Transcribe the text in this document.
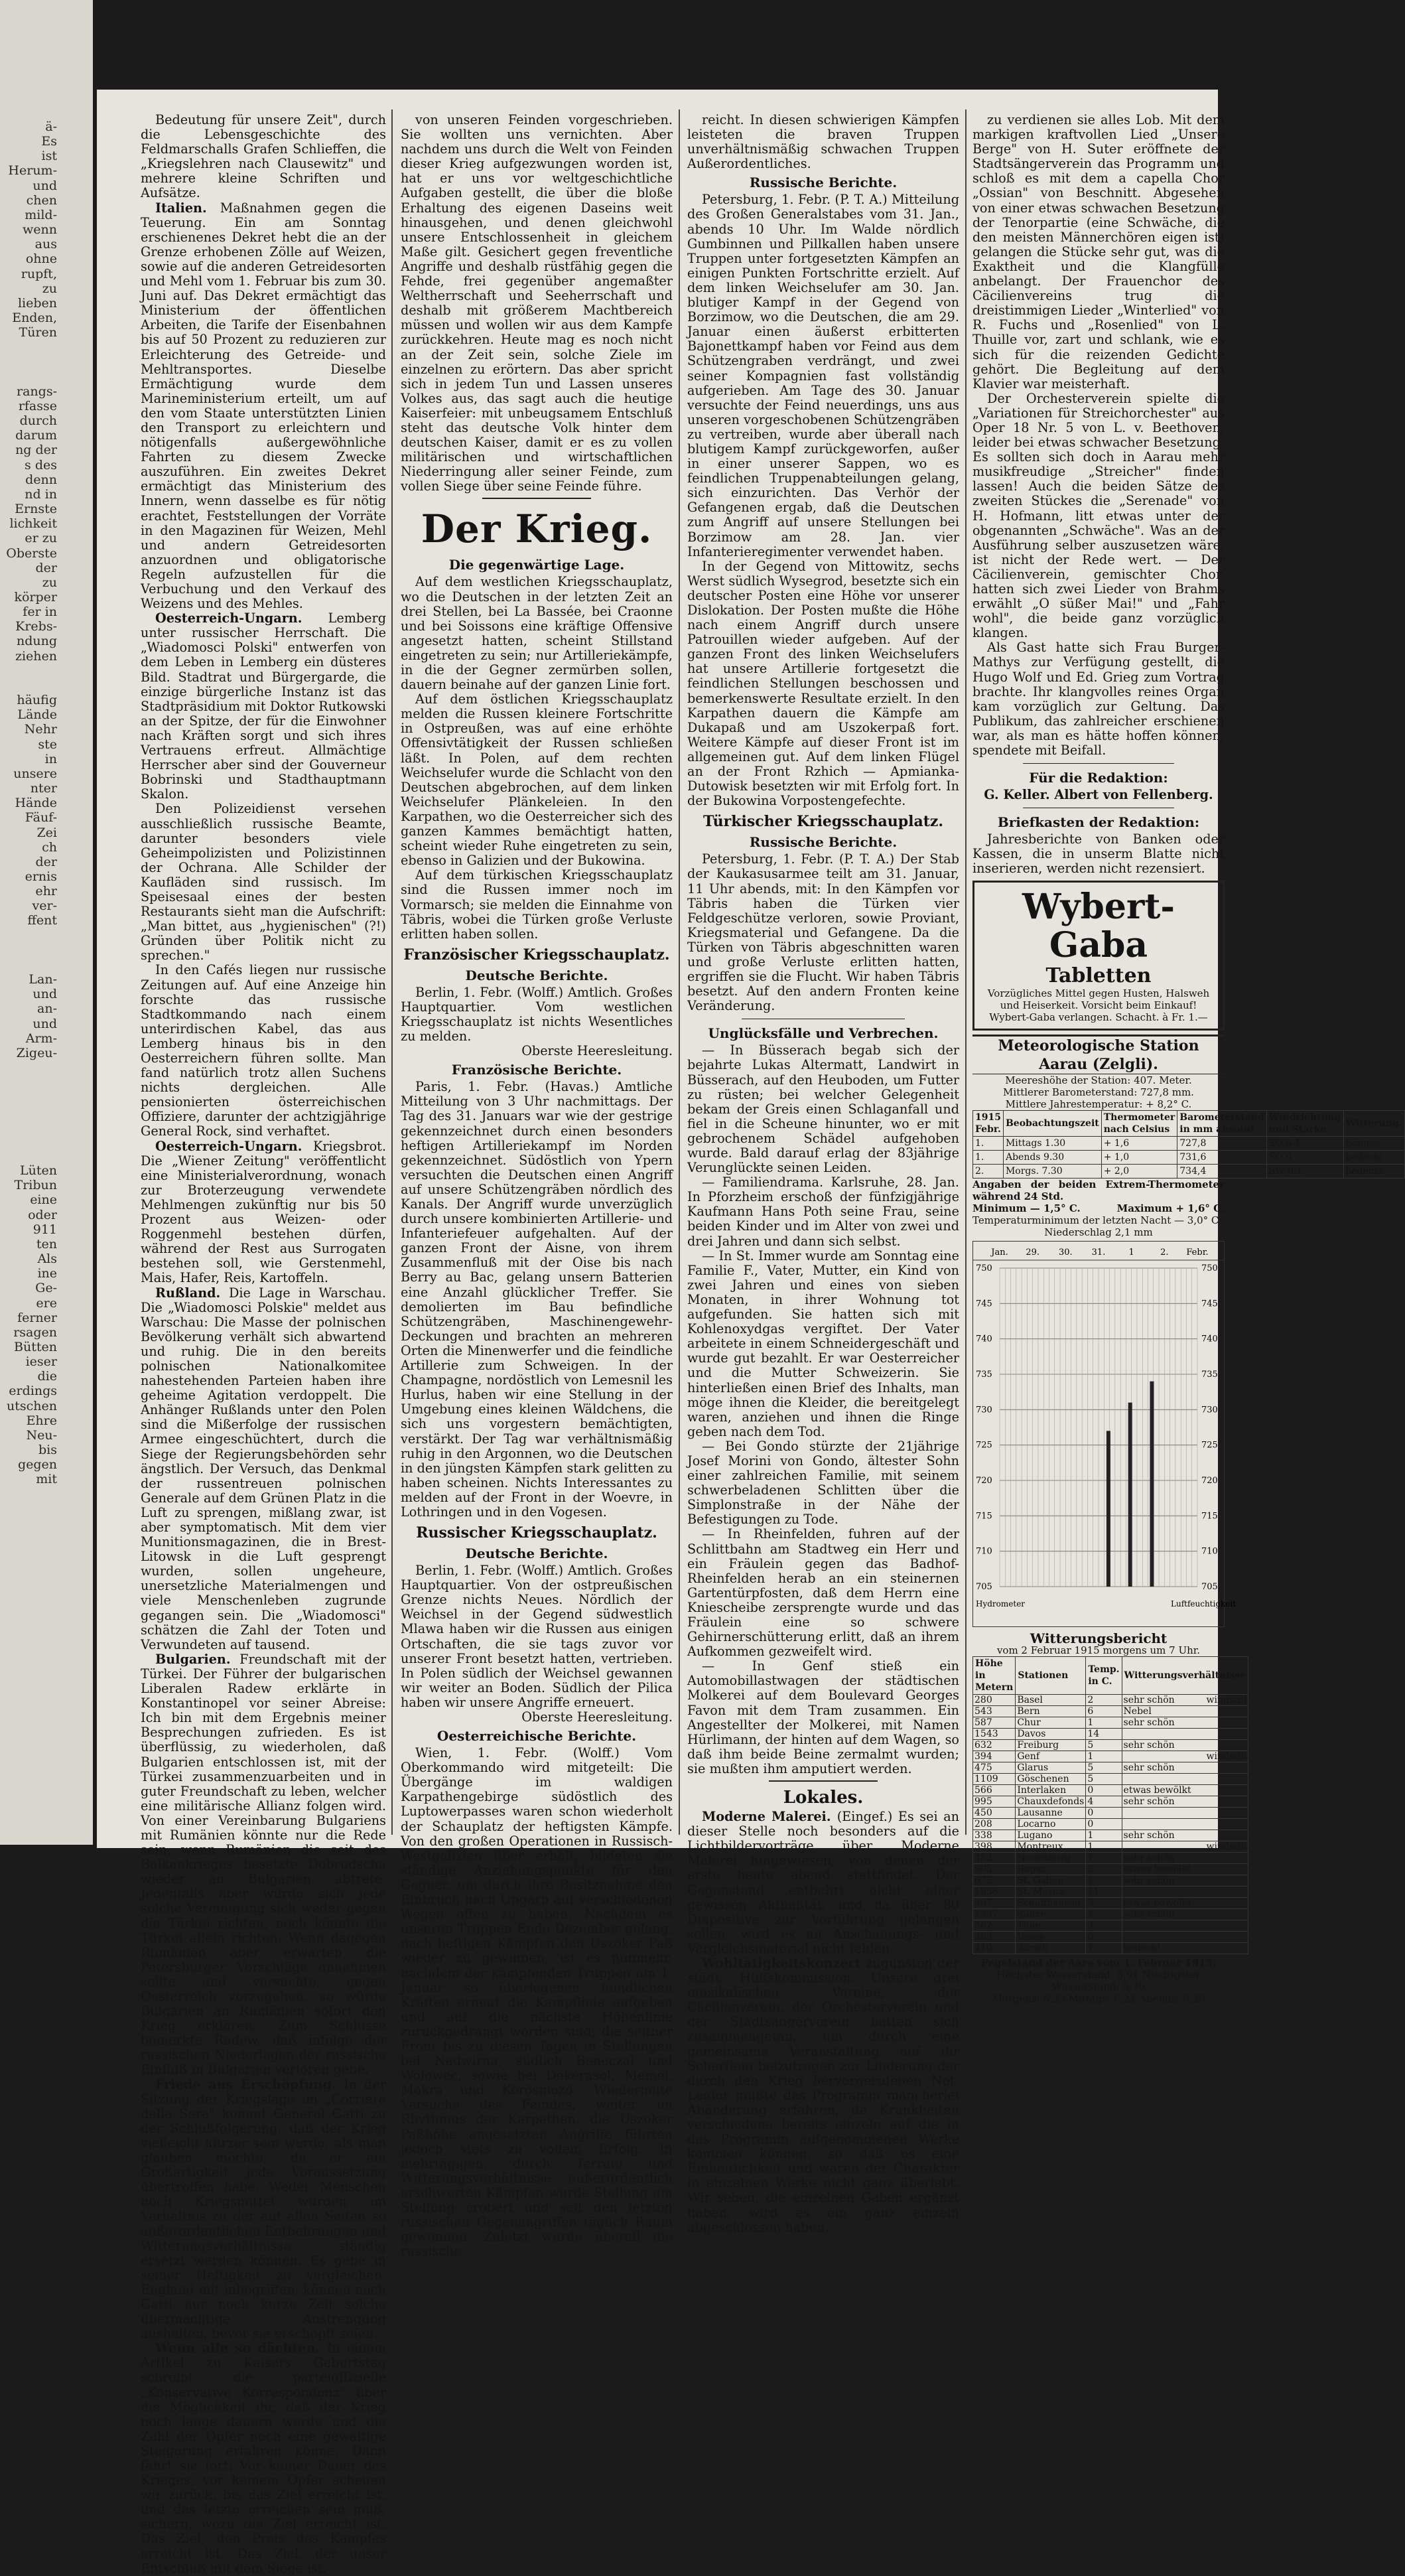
ä-
Es
ist
Herum-
und
chen
mild-
wenn
aus
ohne
rupft,
zu
lieben
Enden,
Türen

rangs-
rfasse
durch
darum
ng der
s des
denn
nd in
Ernste
lichkeit
er zu
Oberste
der
zu
körper
fer in
Krebs-
ndung
ziehen

häufig
Lände
Nehr
ste
in
unsere
nter
Hände
Fäuf-
Zei
ch
der
ernis
ehr
ver-
ffent

Lan-
und
an-
und
Arm-
Zigeu-

Lüten
Tribun
eine
oder
911
ten
Als
ine
Ge-
ere
ferner
rsagen
Bütten
ieser
die
erdings
utschen
Ehre
Neu-
bis
gegen
mit

Bedeutung für unsere Zeit", durch die Lebensgeschichte des Feldmarschalls Grafen Schlieffen, die „Kriegslehren nach Clausewitz" und mehrere kleine Schriften und Aufsätze.

Italien. Maßnahmen gegen die Teuerung. Ein am Sonntag erschienenes Dekret hebt die an der Grenze erhobenen Zölle auf Weizen, sowie auf die anderen Getreidesorten und Mehl vom 1. Februar bis zum 30. Juni auf. Das Dekret ermächtigt das Ministerium der öffentlichen Arbeiten, die Tarife der Eisenbahnen bis auf 50 Prozent zu reduzieren zur Erleichterung des Getreide- und Mehltransportes. Dieselbe Ermächtigung wurde dem Marineministerium erteilt, um auf den vom Staate unterstützten Linien den Transport zu erleichtern und nötigenfalls außergewöhnliche Fahrten zu diesem Zwecke auszuführen. Ein zweites Dekret ermächtigt das Ministerium des Innern, wenn dasselbe es für nötig erachtet, Feststellungen der Vorräte in den Magazinen für Weizen, Mehl und andern Getreidesorten anzuordnen und obligatorische Regeln aufzustellen für die Verbuchung und den Verkauf des Weizens und des Mehles.

Oesterreich-Ungarn. Lemberg unter russischer Herrschaft. Die „Wiadomosci Polski" entwerfen von dem Leben in Lemberg ein düsteres Bild. Stadtrat und Bürgergarde, die einzige bürgerliche Instanz ist das Stadtpräsidium mit Doktor Rutkowski an der Spitze, der für die Einwohner nach Kräften sorgt und sich ihres Vertrauens erfreut. Allmächtige Herrscher aber sind der Gouverneur Bobrinski und Stadthauptmann Skalon.

Den Polizeidienst versehen ausschließlich russische Beamte, darunter besonders viele Geheimpolizisten und Polizistinnen der Ochrana. Alle Schilder der Kaufläden sind russisch. Im Speisesaal eines der besten Restaurants sieht man die Aufschrift: „Man bittet, aus „hygienischen" (?!) Gründen über Politik nicht zu sprechen."

In den Cafés liegen nur russische Zeitungen auf. Auf eine Anzeige hin forschte das russische Stadtkommando nach einem unterirdischen Kabel, das aus Lemberg hinaus bis in den Oesterreichern führen sollte. Man fand natürlich trotz allen Suchens nichts dergleichen. Alle pensionierten österreichischen Offiziere, darunter der achtzigjährige General Rock, sind verhaftet.

Oesterreich-Ungarn. Kriegsbrot. Die „Wiener Zeitung" veröffentlicht eine Ministerialverordnung, wonach zur Broterzeugung verwendete Mehlmengen zukünftig nur bis 50 Prozent aus Weizen- oder Roggenmehl bestehen dürfen, während der Rest aus Surrogaten bestehen soll, wie Gerstenmehl, Mais, Hafer, Reis, Kartoffeln.

Rußland. Die Lage in Warschau. Die „Wiadomosci Polskie" meldet aus Warschau: Die Masse der polnischen Bevölkerung verhält sich abwartend und ruhig. Die in den bereits polnischen Nationalkomitee nahestehenden Parteien haben ihre geheime Agitation verdoppelt. Die Anhänger Rußlands unter den Polen sind die Mißerfolge der russischen Armee eingeschüchtert, durch die Siege der Regierungsbehörden sehr ängstlich. Der Versuch, das Denkmal der russentreuen polnischen Generale auf dem Grünen Platz in die Luft zu sprengen, mißlang zwar, ist aber symptomatisch. Mit dem vier Munitionsmagazinen, die in Brest-Litowsk in die Luft gesprengt wurden, sollen ungeheure, unersetzliche Materialmengen und viele Menschenleben zugrunde gegangen sein. Die „Wiadomosci" schätzen die Zahl der Toten und Verwundeten auf tausend.

Bulgarien. Freundschaft mit der Türkei. Der Führer der bulgarischen Liberalen Radew erklärte in Konstantinopel vor seiner Abreise: Ich bin mit dem Ergebnis meiner Besprechungen zufrieden. Es ist überflüssig, zu wiederholen, daß Bulgarien entschlossen ist, mit der Türkei zusammenzuarbeiten und in guter Freundschaft zu leben, welcher eine militärische Allianz folgen wird. Von einer Vereinbarung Bulgariens mit Rumänien könnte nur die Rede sein, wenn Rumänien die seit des Balkankrieges besetzte Dobrudscha wieder an Bulgarien abtrete. Jedenfalls aber würde sich jede solche Vereinigung sich weder gegen die Türkei richten, noch könnte die Türkei allein richten. Wenn dagegen Rumänien aber erwarten die Petersburger Vorschläge annehmen sollte und versuchte, gegen Oesterreich vorzugehen, so würde Bulgarien an Rumänien sofort den Krieg erklären. Zum Schlusse bemerkte Radew, daß infolge der russischen Niederlagen der russische Einfluß in Bulgarien verloren gehe.

Friede aus Erschöpfung. In der Sitzung der Kriegslage im „Corriere della Sera" kommt General Gatti zu der Schlußfolgerung, daß der Krieg vielleicht kürzer sein werde, als man glauben möchte, da er ein Großartigkeit jede Voraussetzung übertroffen habe. Weder Menschen noch Kriegsmittel würden im Verhältnis zu der auf allen Seiten so außerordentlichen Entbehrungen und Witterungsverhältnisse ständig ersetzt werden können. Es gebe in seiner Heftigkeit zu vergleichen. England mit inbegriffen, können nach Gatti nur noch kurze Zeit solche übermächtige Anstrengung aushalten, bevor sie erschöpft seien.

Wenn alle so dächten. In einem Artikel zu Kaisers Geburtstag schreibt die parteioffizielle „Konservative Korrespondenz" über die Möglichkeit ihr, daß der Krieg noch lange dauern werde und die Zahl der Opfer noch eine gewaltige Steigerung erfahren könne. Dann fährt sie fort: Vor keiner Dauer des Krieges, vor keinem Opfer scheuen wir zurück, bis das Ziel erreicht ist, und das letzte erreichen sein muß, sichern, wozu die Ziel erreicht ist. Das Ziel, den Preis des Kampfes erreicht ist. Das Ziel, der unser Entschluß mit dem Siege ist.

von unseren Feinden vorgeschrieben. Sie wollten uns vernichten. Aber nachdem uns durch die Welt von Feinden dieser Krieg aufgezwungen worden ist, hat er uns vor weltgeschichtliche Aufgaben gestellt, die über die bloße Erhaltung des eigenen Daseins weit hinausgehen, und denen gleichwohl unsere Entschlossenheit in gleichem Maße gilt. Gesichert gegen freventliche Angriffe und deshalb rüstfähig gegen die Fehde, frei gegenüber angemaßter Weltherrschaft und Seeherrschaft und deshalb mit größerem Machtbereich müssen und wollen wir aus dem Kampfe zurückkehren. Heute mag es noch nicht an der Zeit sein, solche Ziele im einzelnen zu erörtern. Das aber spricht sich in jedem Tun und Lassen unseres Volkes aus, das sagt auch die heutige Kaiserfeier: mit unbeugsamem Entschluß steht das deutsche Volk hinter dem deutschen Kaiser, damit er es zu vollen militärischen und wirtschaftlichen Niederringung aller seiner Feinde, zum vollen Siege über seine Feinde führe.

Der Krieg.
Die gegenwärtige Lage.

Auf dem westlichen Kriegsschauplatz, wo die Deutschen in der letzten Zeit an drei Stellen, bei La Bassée, bei Craonne und bei Soissons eine kräftige Offensive angesetzt hatten, scheint Stillstand eingetreten zu sein; nur Artilleriekämpfe, in die der Gegner zermürben sollen, dauern beinahe auf der ganzen Linie fort.

Auf dem östlichen Kriegsschauplatz melden die Russen kleinere Fortschritte in Ostpreußen, was auf eine erhöhte Offensivtätigkeit der Russen schließen läßt. In Polen, auf dem rechten Weichselufer wurde die Schlacht von den Deutschen abgebrochen, auf dem linken Weichselufer Plänkeleien. In den Karpathen, wo die Oesterreicher sich des ganzen Kammes bemächtigt hatten, scheint wieder Ruhe eingetreten zu sein, ebenso in Galizien und der Bukowina.

Auf dem türkischen Kriegsschauplatz sind die Russen immer noch im Vormarsch; sie melden die Einnahme von Täbris, wobei die Türken große Verluste erlitten haben sollen.

Französischer Kriegsschauplatz.
Deutsche Berichte.

Berlin, 1. Febr. (Wolff.) Amtlich. Großes Hauptquartier. Vom westlichen Kriegsschauplatz ist nichts Wesentliches zu melden.

Oberste Heeresleitung.

Französische Berichte.

Paris, 1. Febr. (Havas.) Amtliche Mitteilung von 3 Uhr nachmittags. Der Tag des 31. Januars war wie der gestrige gekennzeichnet durch einen besonders heftigen Artilleriekampf im Norden gekennzeichnet. Südöstlich von Ypern versuchten die Deutschen einen Angriff auf unsere Schützengräben nördlich des Kanals. Der Angriff wurde unverzüglich durch unsere kombinierten Artillerie- und Infanteriefeuer aufgehalten. Auf der ganzen Front der Aisne, von ihrem Zusammenfluß mit der Oise bis nach Berry au Bac, gelang unsern Batterien eine Anzahl glücklicher Treffer. Sie demolierten im Bau befindliche Schützengräben, Maschinengewehr-Deckungen und brachten an mehreren Orten die Minenwerfer und die feindliche Artillerie zum Schweigen. In der Champagne, nordöstlich von Lemesnil les Hurlus, haben wir eine Stellung in der Umgebung eines kleinen Wäldchens, die sich uns vorgestern bemächtigten, verstärkt. Der Tag war verhältnismäßig ruhig in den Argonnen, wo die Deutschen in den jüngsten Kämpfen stark gelitten zu haben scheinen. Nichts Interessantes zu melden auf der Front in der Woevre, in Lothringen und in den Vogesen.

Russischer Kriegsschauplatz.
Deutsche Berichte.

Berlin, 1. Febr. (Wolff.) Amtlich. Großes Hauptquartier. Von der ostpreußischen Grenze nichts Neues. Nördlich der Weichsel in der Gegend südwestlich Mlawa haben wir die Russen aus einigen Ortschaften, die sie tags zuvor vor unserer Front besetzt hatten, vertrieben. In Polen südlich der Weichsel gewannen wir weiter an Boden. Südlich der Pilica haben wir unsere Angriffe erneuert.

Oberste Heeresleitung.

Oesterreichische Berichte.

Wien, 1. Febr. (Wolff.) Vom Oberkommando wird mitgeteilt: Die Übergänge im waldigen Karpathengebirge südöstlich des Luptowerpasses waren schon wiederholt der Schauplatz der heftigsten Kämpfe. Von den großen Operationen in Russisch-Westgalizien über erhält, bildeten sie ständige Anziehungspunkte für den Gegner, um durch ihre Besitznahme den Einbruch nach Ungarn auf verschiedenen Wegen offen zu haben. Nachdem es unseren Truppen Ende Dezember gelang, nach heftigen Kämpfen den Uszoker Paß wieder zu gewinnen, ist es nunmehr, nachdem der kämpfenden Truppen am 1. Januar so überlegenen feindlichen Kräften erneut die Kampflinie aufgeben und auf die nächste Höhenlinie zurückgedrängt worden sind, die seither Front bis zu diesen Tagen in Stellungen bei Nadwirna, südlich Beneczal und Wolowec, sowie bei Dekerasol, Memel, Mokra und Körösmezö. Wiederholte Versuche des Feindes, weiter im Rhythmus der Karpathen, die Uszoker Paßhöhe angesetzten Angriffe führten jedoch stets zu vollem Erfolg. In mehrtägigen, durch Terrain und Witterungsverhältnisse außerordentlich erschwerten Kämpfen wurde Stellung um Stellung erobert und seit den letzten russischen Gegenangriffen täglich Raum gewonnen. Zuletzt wurde überall die russische

reicht. In diesen schwierigen Kämpfen leisteten die braven Truppen unverhältnismäßig schwachen Truppen Außerordentliches.

Russische Berichte.

Petersburg, 1. Febr. (P. T. A.) Mitteilung des Großen Generalstabes vom 31. Jan., abends 10 Uhr. Im Walde nördlich Gumbinnen und Pillkallen haben unsere Truppen unter fortgesetzten Kämpfen an einigen Punkten Fortschritte erzielt. Auf dem linken Weichselufer am 30. Jan. blutiger Kampf in der Gegend von Borzimow, wo die Deutschen, die am 29. Januar einen äußerst erbitterten Bajonettkampf haben vor Feind aus dem Schützengraben verdrängt, und zwei seiner Kompagnien fast vollständig aufgerieben. Am Tage des 30. Januar versuchte der Feind neuerdings, uns aus unseren vorgeschobenen Schützengräben zu vertreiben, wurde aber überall nach blutigem Kampf zurückgeworfen, außer in einer unserer Sappen, wo es feindlichen Truppenabteilungen gelang, sich einzurichten. Das Verhör der Gefangenen ergab, daß die Deutschen zum Angriff auf unsere Stellungen bei Borzimow am 28. Jan. vier Infanterieregimenter verwendet haben.

In der Gegend von Mittowitz, sechs Werst südlich Wysegrod, besetzte sich ein deutscher Posten eine Höhe vor unserer Dislokation. Der Posten mußte die Höhe nach einem Angriff durch unsere Patrouillen wieder aufgeben. Auf der ganzen Front des linken Weichselufers hat unsere Artillerie fortgesetzt die feindlichen Stellungen beschossen und bemerkenswerte Resultate erzielt. In den Karpathen dauern die Kämpfe am Dukapaß und am Uszokerpaß fort. Weitere Kämpfe auf dieser Front ist im allgemeinen gut. Auf dem linken Flügel an der Front Rzhich — Apmianka-Dutowisk besetzten wir mit Erfolg fort. In der Bukowina Vorpostengefechte.

Türkischer Kriegsschauplatz.
Russische Berichte.

Petersburg, 1. Febr. (P. T. A.) Der Stab der Kaukasusarmee teilt am 31. Januar, 11 Uhr abends, mit: In den Kämpfen vor Täbris haben die Türken vier Feldgeschütze verloren, sowie Proviant, Kriegsmaterial und Gefangene. Da die Türken von Täbris abgeschnitten waren und große Verluste erlitten hatten, ergriffen sie die Flucht. Wir haben Täbris besetzt. Auf den andern Fronten keine Veränderung.

Unglücksfälle und Verbrechen.

— In Büsserach begab sich der bejahrte Lukas Altermatt, Landwirt in Büsserach, auf den Heuboden, um Futter zu rüsten; bei welcher Gelegenheit bekam der Greis einen Schlaganfall und fiel in die Scheune hinunter, wo er mit gebrochenem Schädel aufgehoben wurde. Bald darauf erlag der 83jährige Verunglückte seinen Leiden.

— Familiendrama. Karlsruhe, 28. Jan. In Pforzheim erschoß der fünfzigjährige Kaufmann Hans Poth seine Frau, seine beiden Kinder und im Alter von zwei und drei Jahren und dann sich selbst.

— In St. Immer wurde am Sonntag eine Familie F., Vater, Mutter, ein Kind von zwei Jahren und eines von sieben Monaten, in ihrer Wohnung tot aufgefunden. Sie hatten sich mit Kohlenoxydgas vergiftet. Der Vater arbeitete in einem Schneidergeschäft und wurde gut bezahlt. Er war Oesterreicher und die Mutter Schweizerin. Sie hinterließen einen Brief des Inhalts, man möge ihnen die Kleider, die bereitgelegt waren, anziehen und ihnen die Ringe geben nach dem Tod.

— Bei Gondo stürzte der 21jährige Josef Morini von Gondo, ältester Sohn einer zahlreichen Familie, mit seinem schwerbeladenen Schlitten über die Simplonstraße in der Nähe der Befestigungen zu Tode.

— In Rheinfelden, fuhren auf der Schlittbahn am Stadtweg ein Herr und ein Fräulein gegen das Badhof-Rheinfelden herab an ein steinernen Gartentürpfosten, daß dem Herrn eine Kniescheibe zersprengte wurde und das Fräulein eine so schwere Gehirnerschütterung erlitt, daß an ihrem Aufkommen gezweifelt wird.

— In Genf stieß ein Automobillastwagen der städtischen Molkerei auf dem Boulevard Georges Favon mit dem Tram zusammen. Ein Angestellter der Molkerei, mit Namen Hürlimann, der hinten auf dem Wagen, so daß ihm beide Beine zermalmt wurden; sie mußten ihm amputiert werden.

Lokales.

Moderne Malerei. (Eingef.) Es sei an dieser Stelle noch besonders auf die Lichtbildervorträge über Moderne Malerei hingewiesen, von denen der erste heute abend stattfindet. Der Gegenstand entbehrt nicht einer gewissen Aktualität; und da über 80 Diapositive zur Vorführung gelangen sollen, wird es an Anschauungs- und Vergleichsmaterial nicht fehlen.

Wohltätigkeitskonzert zugunsten der städt. Hülfskommission. Unsere drei musikalischen Vereine, der Cäcilienverein, der Orchesterverein und der Stadtsängerverein hatten sich zusammengetan, um durch eine gemeinsame Veranstaltung auf ihr Scherflein beizutragen zur Linderung der durch den Krieg hervorgerufenen Not. Leider mußte das Programm mancherlei Abänderung erfahren, da Krankheiten verschiedene bereits einzeln auf die in das Programm aufgenommenen Werke kommen können, so daß es eine Einheitlichkeit und waren der Charakter in einzelnen Werke nicht ganz überlebt. Wir sehen, die einzelnen Gaben ergänzt haben, wird es ein ganz einzeln abgeschlossen haben.

zu verdienen sie alles Lob. Mit dem markigen kraftvollen Lied „Unsere Berge" von H. Suter eröffnete der Stadtsängerverein das Programm und schloß es mit dem a capella Chor „Ossian" von Beschnitt. Abgesehen von einer etwas schwachen Besetzung der Tenorpartie (eine Schwäche, die den meisten Männerchören eigen ist) gelangen die Stücke sehr gut, was die Exaktheit und die Klangfülle anbelangt. Der Frauenchor des Cäcilienvereins trug die dreistimmigen Lieder „Winterlied" von R. Fuchs und „Rosenlied" von L. Thuille vor, zart und schlank, wie es sich für die reizenden Gedichte gehört. Die Begleitung auf dem Klavier war meisterhaft.

Der Orchesterverein spielte die „Variationen für Streichorchester" aus Oper 18 Nr. 5 von L. v. Beethoven, leider bei etwas schwacher Besetzung. Es sollten sich doch in Aarau mehr musikfreudige „Streicher" finden lassen! Auch die beiden Sätze des zweiten Stückes die „Serenade" von H. Hofmann, litt etwas unter der obgenannten „Schwäche". Was an der Ausführung selber auszusetzen wäre, ist nicht der Rede wert. — Der Cäcilienverein, gemischter Chor, hatten sich zwei Lieder von Brahms erwählt „O süßer Mai!" und „Fahr wohl", die beide ganz vorzüglich klangen.

Als Gast hatte sich Frau Burger-Mathys zur Verfügung gestellt, die Hugo Wolf und Ed. Grieg zum Vortrag brachte. Ihr klangvolles reines Organ kam vorzüglich zur Geltung. Das Publikum, das zahlreicher erschienen war, als man es hätte hoffen können, spendete mit Beifall.

Für die Redaktion:

G. Keller. Albert von Fellenberg.

Briefkasten der Redaktion:

Jahresberichte von Banken oder Kassen, die in unserm Blatte nicht inserieren, werden nicht rezensiert.

Wybert-Gaba
Tabletten
Vorzügliches Mittel gegen Husten, Halsweh und Heiserkeit. Vorsicht beim Einkauf! Wybert-Gaba verlangen. Schacht. à Fr. 1.—
Meteorologische Station Aarau (Zelgli).
Meereshöhe der Station: 407. Meter.
Mittlerer Barometerstand: 727,8 mm.
Mittlere Jahrestemperatur: + 8,2° C.
1915 Febr.	Beobachtungszeit	Thermometer nach Celsius	Barometerstand in mm absolut	Windrichtung und Stärke	Witterung.
1.	Mittags 1.30	+ 1,6	727,8	SO 0-1	Schnee
1.	Abends 9.30	+ 1,0	731,6	SO 0	bedeckt
2.	Morgs. 7.30	+ 2,0	734,4	SW 0-1	bedeckt
Angaben der beiden Extrem-Thermometer während 24 Std.
Minimum — 1,5° C.	Maximum + 1,6° C.
Temperaturminimum der letzten Nacht — 3,0° C.
Niederschlag 2,1 mm
Jan. 29. 30. 31.	1	2. Febr.
750	750
745	745
740	740
735	735
730	730
725	725
720	720
715	715
710	710
705	705
Hydrometer	Luftfeuchtigkeit
Witterungsbericht
vom 2 Februar 1915 morgens um 7 Uhr.
Höhe in Metern	Stationen	Temp. in C.	Witterungsverhältnisse
280	Basel	2	sehr schön windstill

543	Bern	6	Nebel

587	Chur	1	sehr schön

1543	Davos	14	

632	Freiburg	5	sehr schön

394	Genf	1	windstill

475	Glarus	5	sehr schön

1109	Göschenen	5	

566	Interlaken	0	etwas bewölkt

995	Chauxdefonds	4	sehr schön

450	Lausanne	0	

208	Locarno	0	

338	Lugano	1	sehr schön

398	Montreux	1	windstill

482	Neuenburg	1	sehr schön

505	Ragaz	5	etwas bewölkt

673	St. Gallen	1	sehr schön

1856	St. Moritz	11	

407	Schaffhausen	3	etwas bewölkt

1537	Sierre	1	sehr schön

562	Thun	3	

389	Vevey	0	

410	Zürich	1	bedeckt
Pegelstand der Aare vom 1. Februar 1915.
Höchster Wasserstand: 8,91 Niedrigster Wasserstand: 5,70
Morgens: 6,23 Mittags: 6,21 Abends: 6,26
